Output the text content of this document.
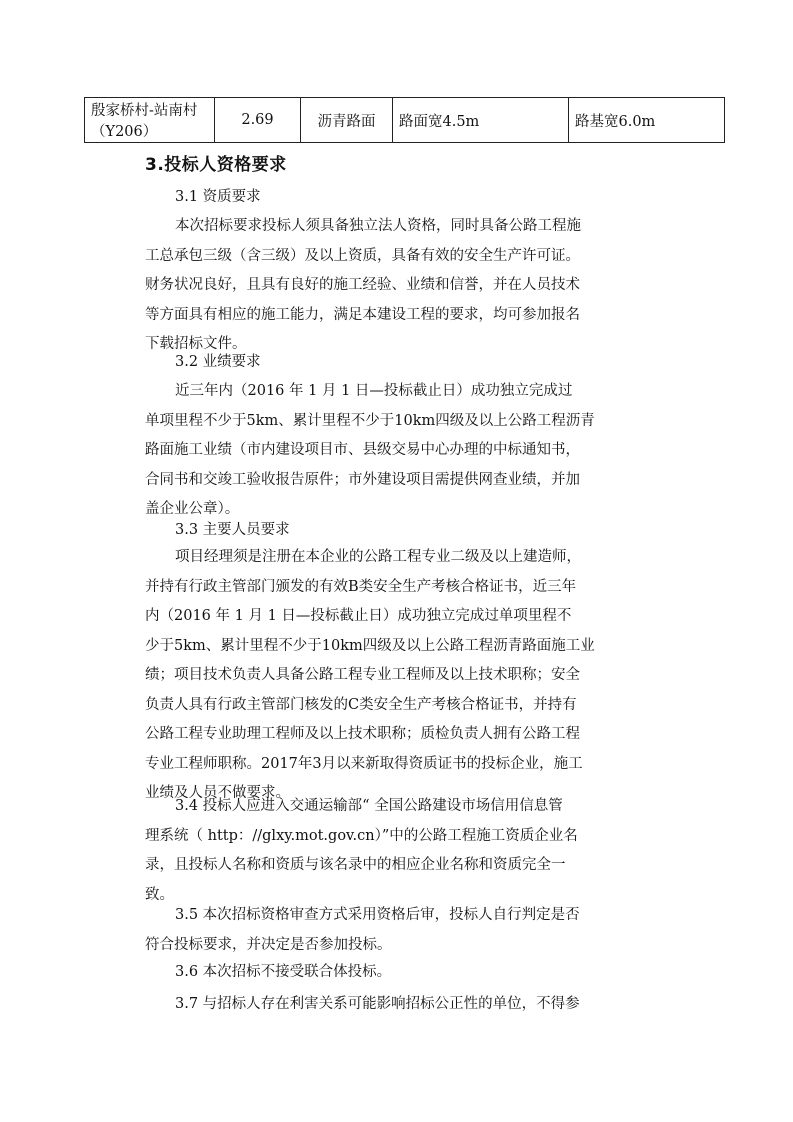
殷家桥村-站南村（Y206）	2.69	沥青路面	路面宽4.5m	路基宽6.0m
3.投标人资格要求
3.1 资质要求
本次招标要求投标人须具备独立法人资格，同时具备公路工程施
工总承包三级（含三级）及以上资质，具备有效的安全生产许可证。
财务状况良好，且具有良好的施工经验、业绩和信誉，并在人员技术
等方面具有相应的施工能力，满足本建设工程的要求，均可参加报名
下载招标文件。
3.2 业绩要求
近三年内（2016 年 1 月 1 日—投标截止日）成功独立完成过
单项里程不少于5km、累计里程不少于10km四级及以上公路工程沥青
路面施工业绩（市内建设项目市、县级交易中心办理的中标通知书，
合同书和交竣工验收报告原件；市外建设项目需提供网查业绩，并加
盖企业公章）。
3.3 主要人员要求
项目经理须是注册在本企业的公路工程专业二级及以上建造师，
并持有行政主管部门颁发的有效B类安全生产考核合格证书，近三年
内（2016 年 1 月 1 日—投标截止日）成功独立完成过单项里程不
少于5km、累计里程不少于10km四级及以上公路工程沥青路面施工业
绩；项目技术负责人具备公路工程专业工程师及以上技术职称；安全
负责人具有行政主管部门核发的C类安全生产考核合格证书，并持有
公路工程专业助理工程师及以上技术职称；质检负责人拥有公路工程
专业工程师职称。2017年3月以来新取得资质证书的投标企业，施工
业绩及人员不做要求。
3.4 投标人应进入交通运输部“ 全国公路建设市场信用信息管
理系统（ http：//glxy.mot.gov.cn）”中的公路工程施工资质企业名
录，且投标人名称和资质与该名录中的相应企业名称和资质完全一
致。
3.5 本次招标资格审查方式采用资格后审，投标人自行判定是否
符合投标要求，并决定是否参加投标。
3.6 本次招标不接受联合体投标。
3.7 与招标人存在利害关系可能影响招标公正性的单位，不得参
